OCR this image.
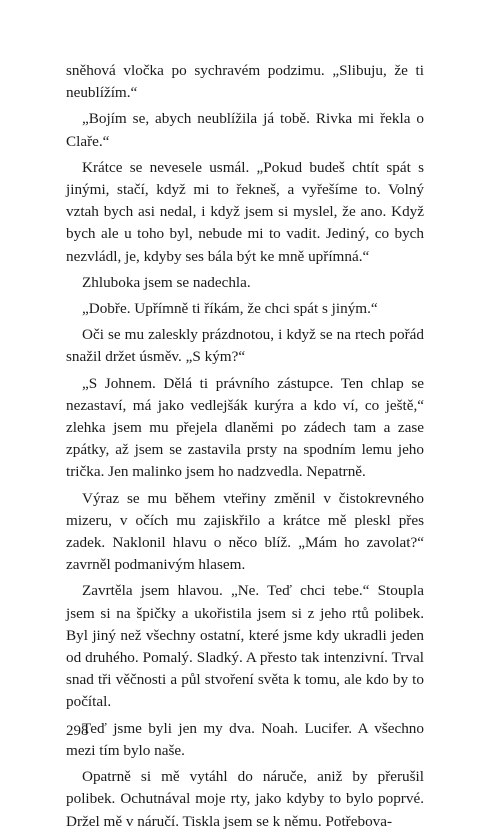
sněhová vločka po sychravém podzimu. „Slibuju, že ti neublížím.“

„Bojím se, abych neublížila já tobě. Rivka mi řekla o Claře.“

Krátce se nevesele usmál. „Pokud budeš chtít spát s jinými, stačí, když mi to řekneš, a vyřešíme to. Volný vztah bych asi nedal, i když jsem si myslel, že ano. Když bych ale u toho byl, nebude mi to vadit. Jediný, co bych nezvládl, je, kdyby ses bála být ke mně upřímná.“

Zhluboka jsem se nadechla.

„Dobře. Upřímně ti říkám, že chci spát s jiným.“

Oči se mu zaleskly prázdnotou, i když se na rtech pořád snažil držet úsměv. „S kým?“

„S Johnem. Dělá ti právního zástupce. Ten chlap se nezastaví, má jako vedlejšák kurýra a kdo ví, co ještě,“ zlehka jsem mu přejela dlaněmi po zádech tam a zase zpátky, až jsem se zastavila prsty na spodním lemu jeho trička. Jen malinko jsem ho nadzvedla. Nepatrně.

Výraz se mu během vteřiny změnil v čistokrevného mizeru, v očích mu zajiskřilo a krátce mě pleskl přes zadek. Naklonil hlavu o něco blíž. „Mám ho zavolat?“ zavrněl podmanivým hlasem.

Zavrtěla jsem hlavou. „Ne. Teď chci tebe.“ Stoupla jsem si na špičky a ukořistila jsem si z jeho rtů polibek. Byl jiný než všechny ostatní, které jsme kdy ukradli jeden od druhého. Pomalý. Sladký. A přesto tak intenzivní. Trval snad tři věčnosti a půl stvoření světa k tomu, ale kdo by to počítal.

Teď jsme byli jen my dva. Noah. Lucifer. A všechno mezi tím bylo naše.

Opatrně si mě vytáhl do náruče, aniž by přerušil polibek. Ochutnával moje rty, jako kdyby to bylo poprvé. Držel mě v náručí. Tiskla jsem se k němu. Potřebova-

298
